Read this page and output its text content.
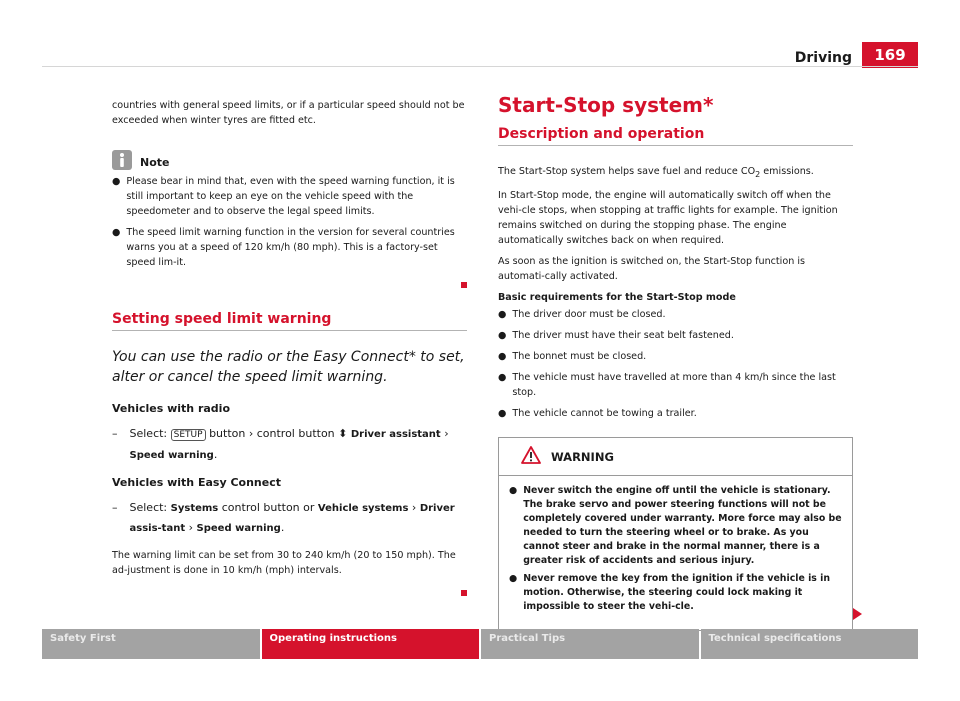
Driving	169

countries with general speed limits, or if a particular speed should not be exceeded when winter tyres are fitted etc.

Note
● Please bear in mind that, even with the speed warning function, it is still important to keep an eye on the vehicle speed with the speedometer and to observe the legal speed limits.
● The speed limit warning function in the version for several countries warns you at a speed of 120 km/h (80 mph). This is a factory-set speed lim-it.
Setting speed limit warning
You can use the radio or the Easy Connect* to set, alter or cancel the speed limit warning.
Vehicles with radio
– Select: SETUP button › control button ⬍ Driver assistant › Speed warning.
Vehicles with Easy Connect
– Select: Systems control button or Vehicle systems › Driver assis-tant › Speed warning.

The warning limit can be set from 30 to 240 km/h (20 to 150 mph). The ad-justment is done in 10 km/h (mph) intervals.

Start-Stop system*
Description and operation

The Start-Stop system helps save fuel and reduce $CO_2$ emissions.

In Start-Stop mode, the engine will automatically switch off when the vehi-cle stops, when stopping at traffic lights for example. The ignition remains switched on during the stopping phase. The engine automatically switches back on when required.

As soon as the ignition is switched on, the Start-Stop function is automati-cally activated.

Basic requirements for the Start-Stop mode
● The driver door must be closed.
● The driver must have their seat belt fastened.
● The bonnet must be closed.
● The vehicle must have travelled at more than 4 km/h since the last stop.
● The vehicle cannot be towing a trailer.
WARNING
● Never switch the engine off until the vehicle is stationary. The brake servo and power steering functions will not be completely covered under warranty. More force may also be needed to turn the steering wheel or to brake. As you cannot steer and brake in the normal manner, there is a greater risk of accidents and serious injury.
● Never remove the key from the ignition if the vehicle is in motion. Otherwise, the steering could lock making it impossible to steer the vehi-cle.
Safety First	Operating instructions	Practical Tips	Technical specifications
